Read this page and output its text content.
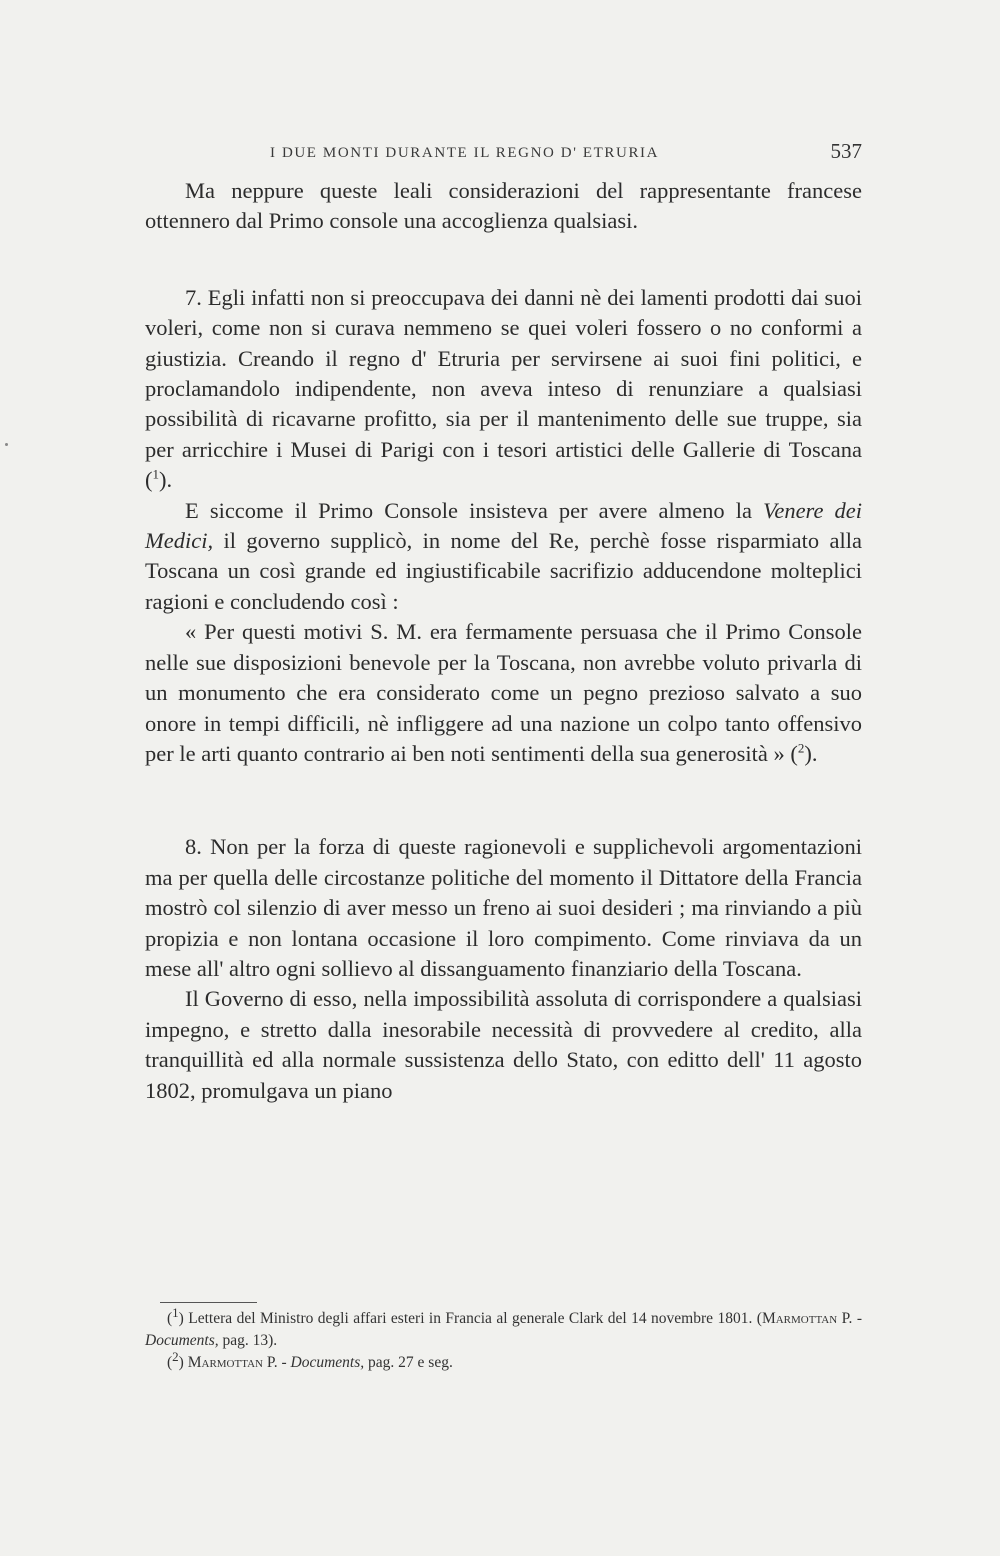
I DUE MONTI DURANTE IL REGNO D' ETRURIA	537

Ma neppure queste leali considerazioni del rappresentante francese ottennero dal Primo console una accoglienza qualsiasi.

7. Egli infatti non si preoccupava dei danni nè dei lamenti prodotti dai suoi voleri, come non si curava nemmeno se quei voleri fossero o no conformi a giustizia. Creando il regno d' Etruria per servirsene ai suoi fini politici, e proclamandolo indipendente, non aveva inteso di renunziare a qualsiasi possibilità di ricavarne profitto, sia per il mantenimento delle sue truppe, sia per arricchire i Musei di Parigi con i tesori artistici delle Gallerie di Toscana ($^1$).

E siccome il Primo Console insisteva per avere almeno la Venere dei Medici, il governo supplicò, in nome del Re, perchè fosse risparmiato alla Toscana un così grande ed ingiustificabile sacrifizio adducendone molteplici ragioni e concludendo così :

« Per questi motivi S. M. era fermamente persuasa che il Primo Console nelle sue disposizioni benevole per la Toscana, non avrebbe voluto privarla di un monumento che era considerato come un pegno prezioso salvato a suo onore in tempi difficili, nè infliggere ad una nazione un colpo tanto offensivo per le arti quanto contrario ai ben noti sentimenti della sua generosità » ($^2$).

8. Non per la forza di queste ragionevoli e supplichevoli argomentazioni ma per quella delle circostanze politiche del momento il Dittatore della Francia mostrò col silenzio di aver messo un freno ai suoi desideri ; ma rinviando a più propizia e non lontana occasione il loro compimento. Come rinviava da un mese all' altro ogni sollievo al dissanguamento finanziario della Toscana.

Il Governo di esso, nella impossibilità assoluta di corrispondere a qualsiasi impegno, e stretto dalla inesorabile necessità di provvedere al credito, alla tranquillità ed alla normale sussistenza dello Stato, con editto dell' 11 agosto 1802, promulgava un piano

($^1$) Lettera del Ministro degli affari esteri in Francia al generale Clark del 14 novembre 1801. (Marmottan P. - Documents, pag. 13).

($^2$) Marmottan P. - Documents, pag. 27 e seg.
